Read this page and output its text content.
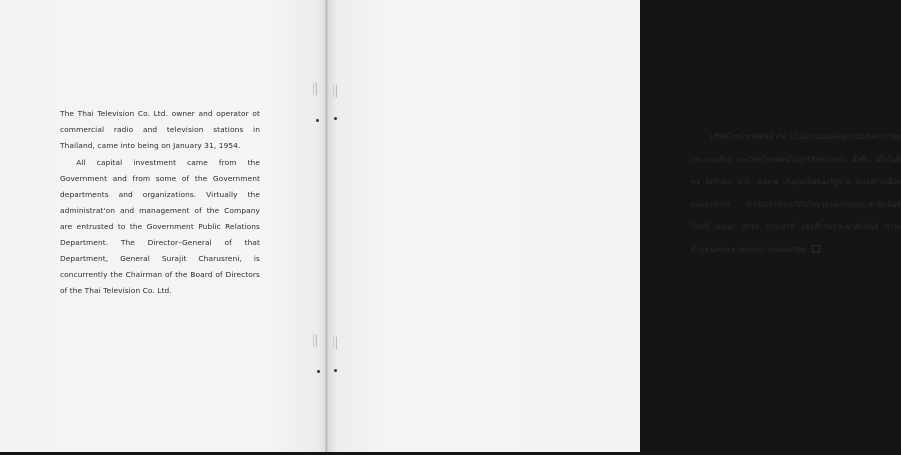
The Thai Television Co. Ltd. owner and operator ot commercial radio and television stations in Thailand, came into being on January 31, 1954.

All capital investment came from the Government and from some of the Government departments and organizations. Virtually the administrat'on and management of the Company are entrusted to the Government Public Relations Department. The Director–General of that Department, General Surajit Charusreni, is concurrently the Chairman of the Board of Directors of the Thai Television Co. Ltd.

บริษัทไทยโทรทัศน์จำกัด เป็นเจ้าของและผู้ดำเนินกิจการวิทยุกระจายเสียง และวิทยุโทรทัศน์ในรูปบริษัทการค้า ตั้งขึ้น เมื่อวันที่ ๓๑ มกราคม พ.ศ. ๒๔๙๗ เงินทุนเป็นของรัฐบาล ทบวงการเมือง และองค์การ ดำเนินการภายใต้นโยบายของกรมประชาสัมพันธ์ โดยมี พลเอก สุรจิต จารุเศรนี อธิบดีกรมประชาสัมพันธ์ ดำรงตำแหน่งประธานกรรมการของบริษัท
